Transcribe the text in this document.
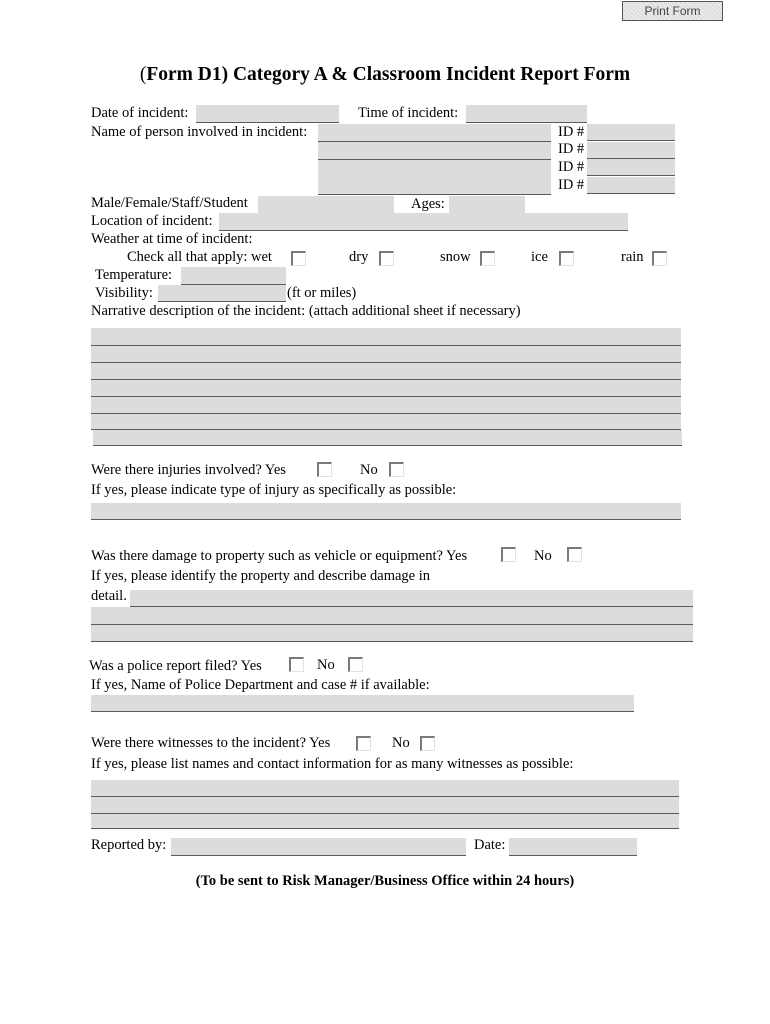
Print Form
(Form D1) Category A & Classroom Incident Report Form
Date of incident:	Time of incident:
Name of person involved in incident:	ID #
ID #
ID #
ID #
Male/Female/Staff/Student	Ages:
Location of incident:
Weather at time of incident:
Check all that apply: wet	dry	snow	ice	rain
Temperature:
Visibility:	(ft or miles)
Narrative description of the incident: (attach additional sheet if necessary)
Were there injuries involved? Yes	No
If yes, please indicate type of injury as specifically as possible:
Was there damage to property such as vehicle or equipment? Yes	No
If yes, please identify the property and describe damage in
detail.
Was a police report filed? Yes	No
If yes, Name of Police Department and case # if available:
Were there witnesses to the incident? Yes	No
If yes, please list names and contact information for as many witnesses as possible:
Reported by:	Date:
(To be sent to Risk Manager/Business Office within 24 hours)
